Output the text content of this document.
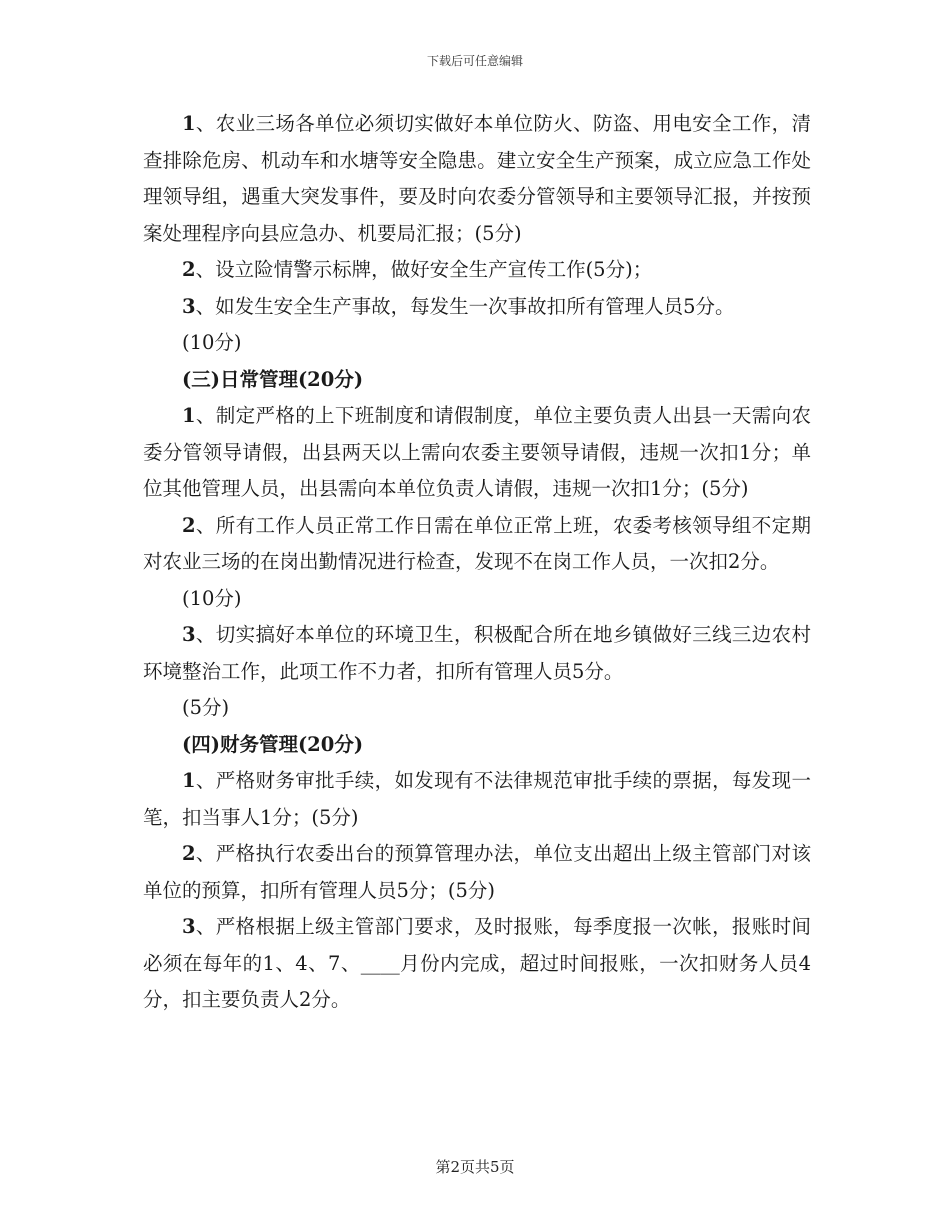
下载后可任意编辑

1、农业三场各单位必须切实做好本单位防火、防盗、用电安全工作，清查排除危房、机动车和水塘等安全隐患。建立安全生产预案，成立应急工作处理领导组，遇重大突发事件，要及时向农委分管领导和主要领导汇报，并按预案处理程序向县应急办、机要局汇报；(5分)

2、设立险情警示标牌，做好安全生产宣传工作(5分)；

3、如发生安全生产事故，每发生一次事故扣所有管理人员5分。

(10分)

(三)日常管理(20分)

1、制定严格的上下班制度和请假制度，单位主要负责人出县一天需向农委分管领导请假，出县两天以上需向农委主要领导请假，违规一次扣1分；单位其他管理人员，出县需向本单位负责人请假，违规一次扣1分；(5分)

2、所有工作人员正常工作日需在单位正常上班，农委考核领导组不定期对农业三场的在岗出勤情况进行检查，发现不在岗工作人员，一次扣2分。

(10分)

3、切实搞好本单位的环境卫生，积极配合所在地乡镇做好三线三边农村环境整治工作，此项工作不力者，扣所有管理人员5分。

(5分)

(四)财务管理(20分)

1、严格财务审批手续，如发现有不法律规范审批手续的票据，每发现一笔，扣当事人1分；(5分)

2、严格执行农委出台的预算管理办法，单位支出超出上级主管部门对该单位的预算，扣所有管理人员5分；(5分)

3、严格根据上级主管部门要求，及时报账，每季度报一次帐，报账时间必须在每年的1、4、7、____月份内完成，超过时间报账，一次扣财务人员4分，扣主要负责人2分。

第2页共5页
